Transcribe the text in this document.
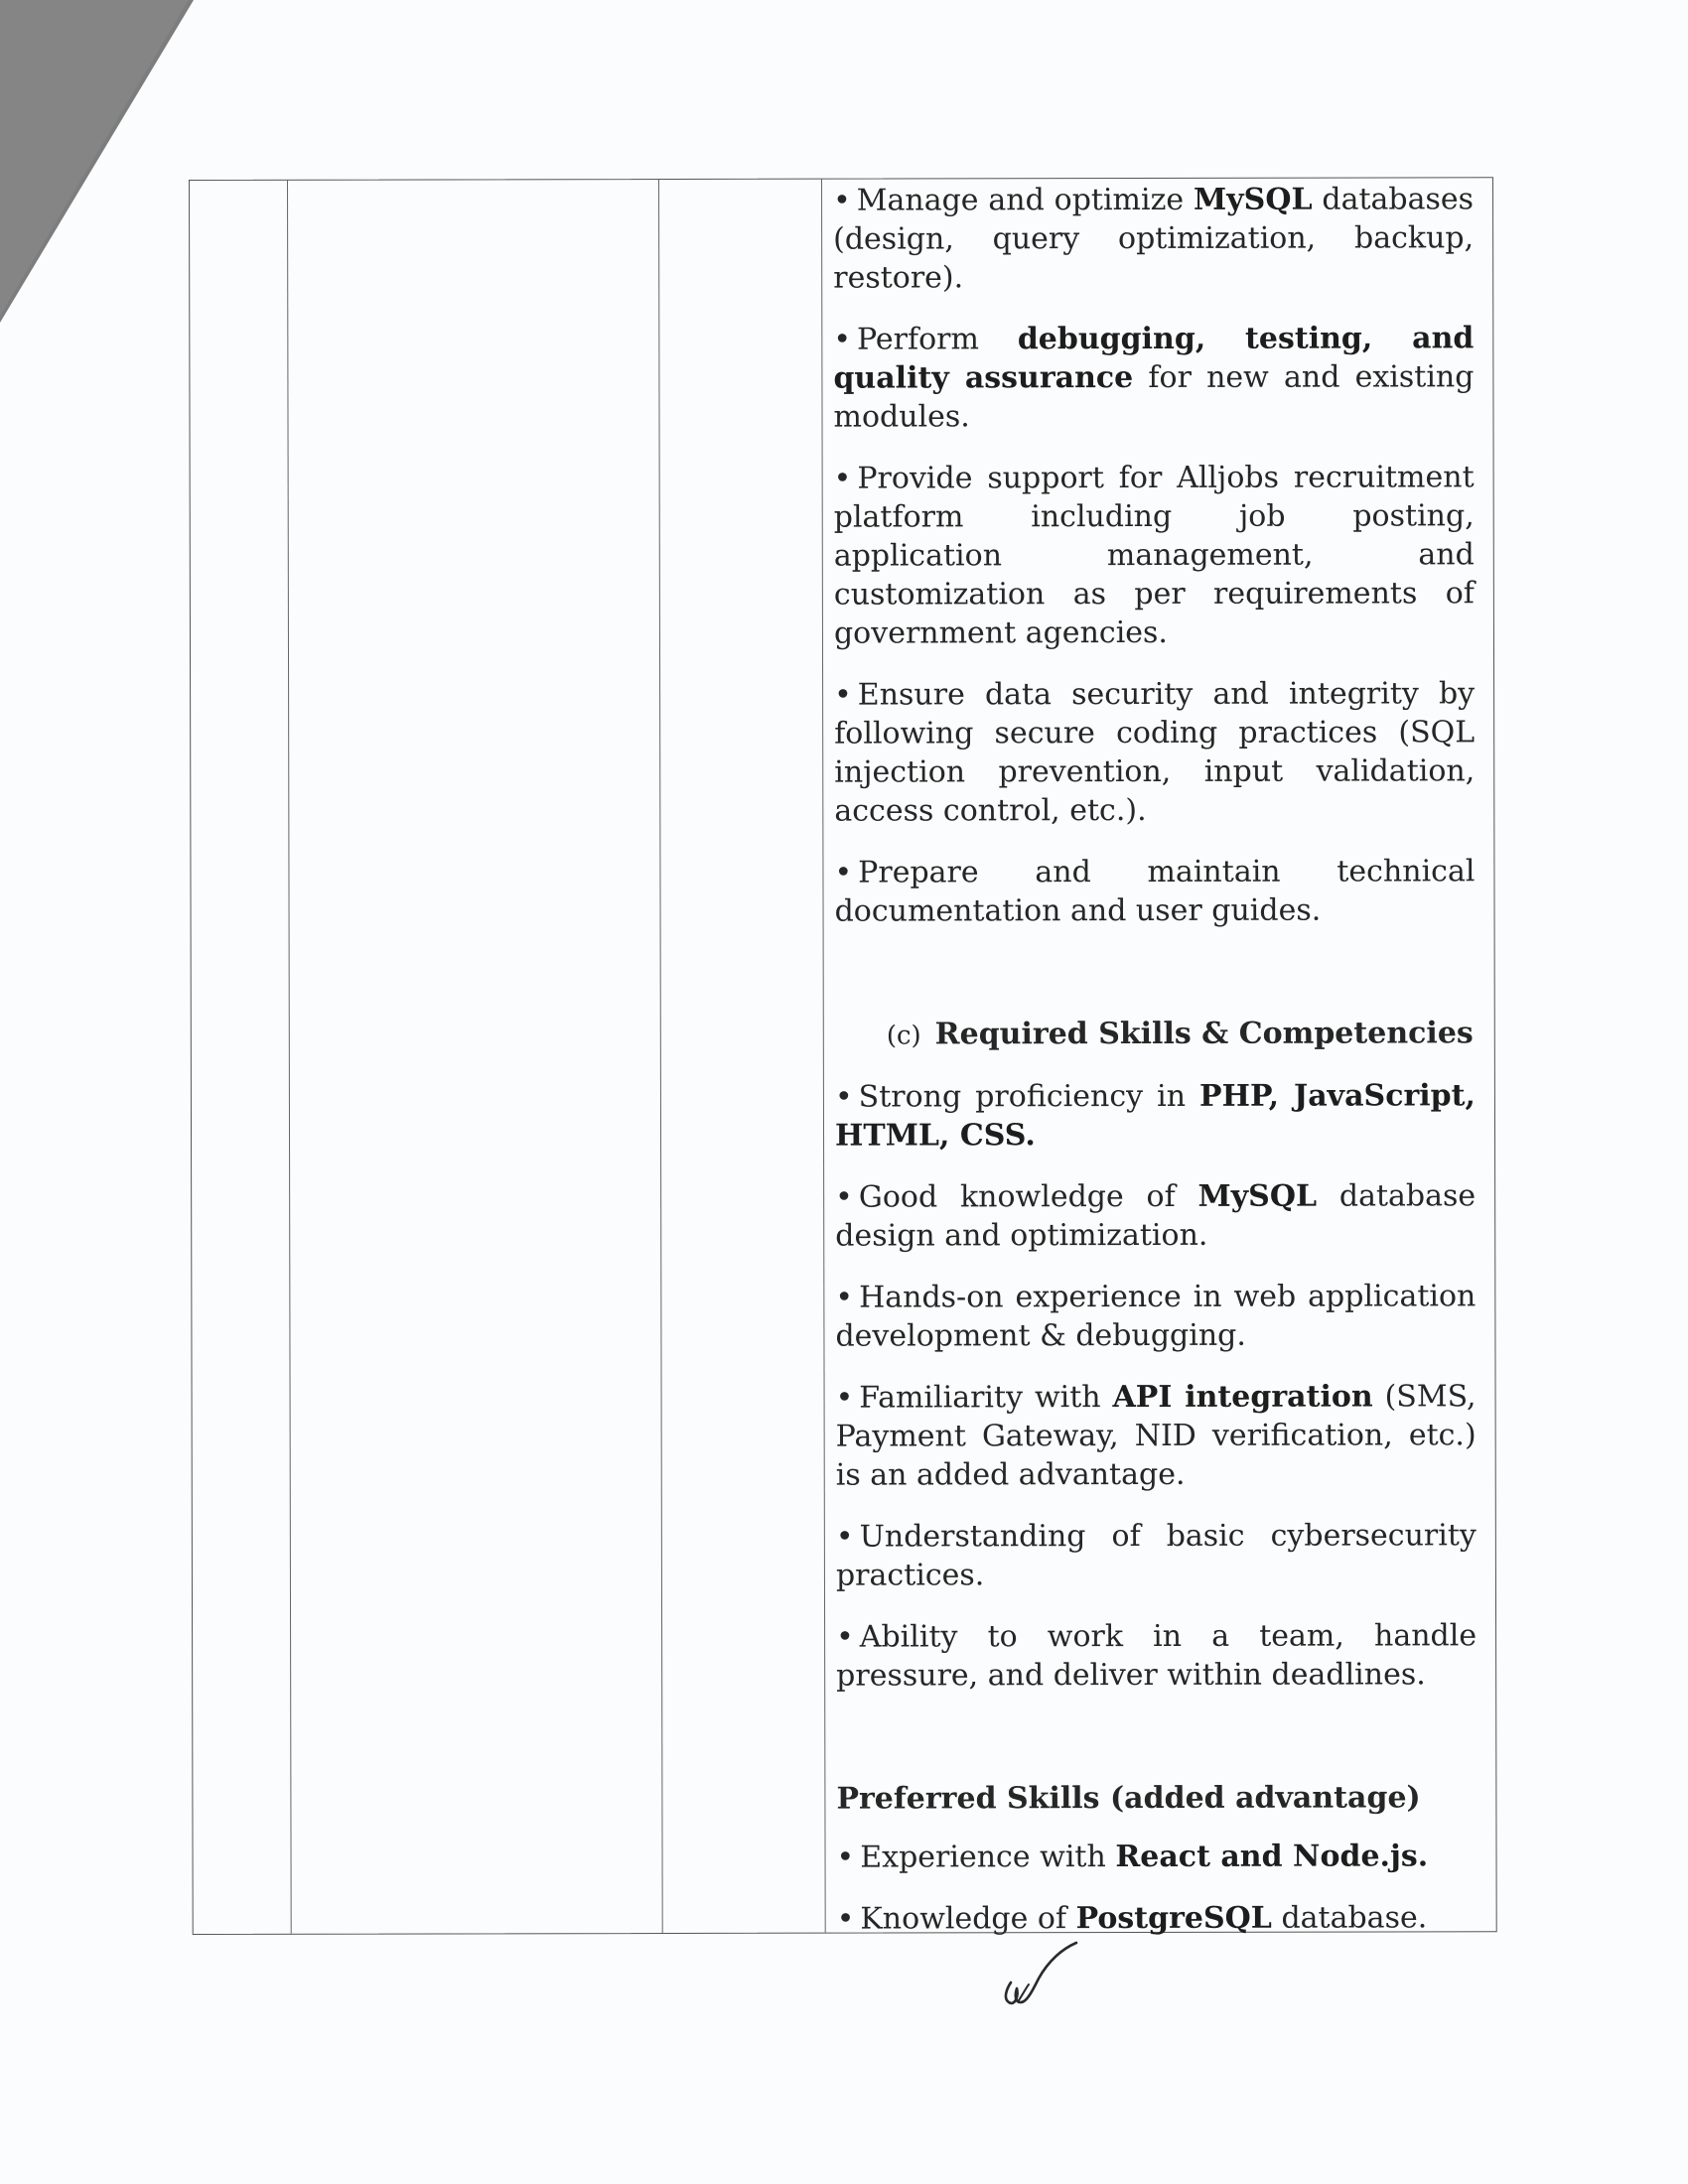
• Manage and optimize MySQL databases (design, query optimization, backup, restore).

• Perform debugging, testing, and quality assurance for new and existing modules.

• Provide support for Alljobs recruitment platform including job posting, application management, and customization as per requirements of government agencies.

• Ensure data security and integrity by following secure coding practices (SQL injection prevention, input validation, access control, etc.).

• Prepare and maintain technical documentation and user guides.

(c) Required Skills & Competencies

• Strong proficiency in PHP, JavaScript, HTML, CSS.

• Good knowledge of MySQL database design and optimization.

• Hands-on experience in web application development & debugging.

• Familiarity with API integration (SMS, Payment Gateway, NID verification, etc.) is an added advantage.

• Understanding of basic cybersecurity practices.

• Ability to work in a team, handle pressure, and deliver within deadlines.

Preferred Skills (added advantage)

• Experience with React and Node.js.

• Knowledge of PostgreSQL database.
